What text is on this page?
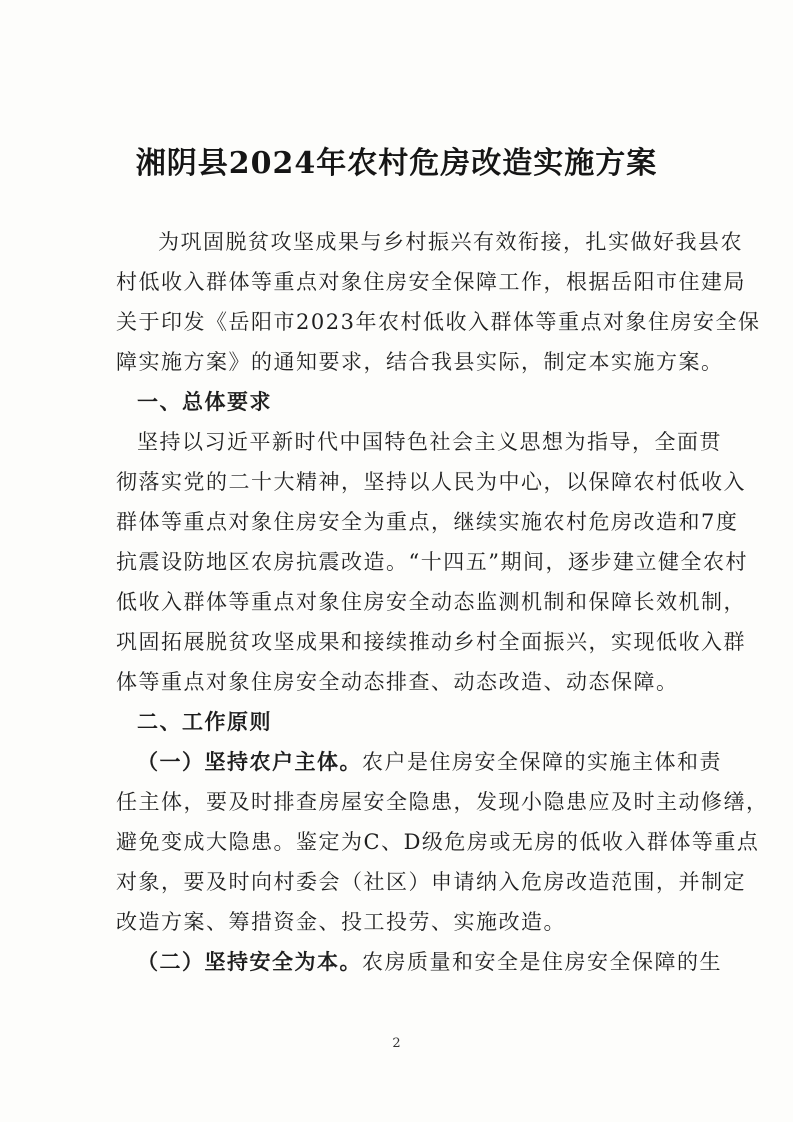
湘阴县2024年农村危房改造实施方案
为巩固脱贫攻坚成果与乡村振兴有效衔接，扎实做好我县农
村低收入群体等重点对象住房安全保障工作，根据岳阳市住建局
关于印发《岳阳市2023年农村低收入群体等重点对象住房安全保
障实施方案》的通知要求，结合我县实际，制定本实施方案。
一、总体要求
坚持以习近平新时代中国特色社会主义思想为指导，全面贯
彻落实党的二十大精神，坚持以人民为中心，以保障农村低收入
群体等重点对象住房安全为重点，继续实施农村危房改造和7度
抗震设防地区农房抗震改造。“十四五”期间，逐步建立健全农村
低收入群体等重点对象住房安全动态监测机制和保障长效机制，
巩固拓展脱贫攻坚成果和接续推动乡村全面振兴，实现低收入群
体等重点对象住房安全动态排查、动态改造、动态保障。
二、工作原则
（一）坚持农户主体。农户是住房安全保障的实施主体和责
任主体，要及时排查房屋安全隐患，发现小隐患应及时主动修缮，
避免变成大隐患。鉴定为C、D级危房或无房的低收入群体等重点
对象，要及时向村委会（社区）申请纳入危房改造范围，并制定
改造方案、筹措资金、投工投劳、实施改造。
（二）坚持安全为本。农房质量和安全是住房安全保障的生
2
